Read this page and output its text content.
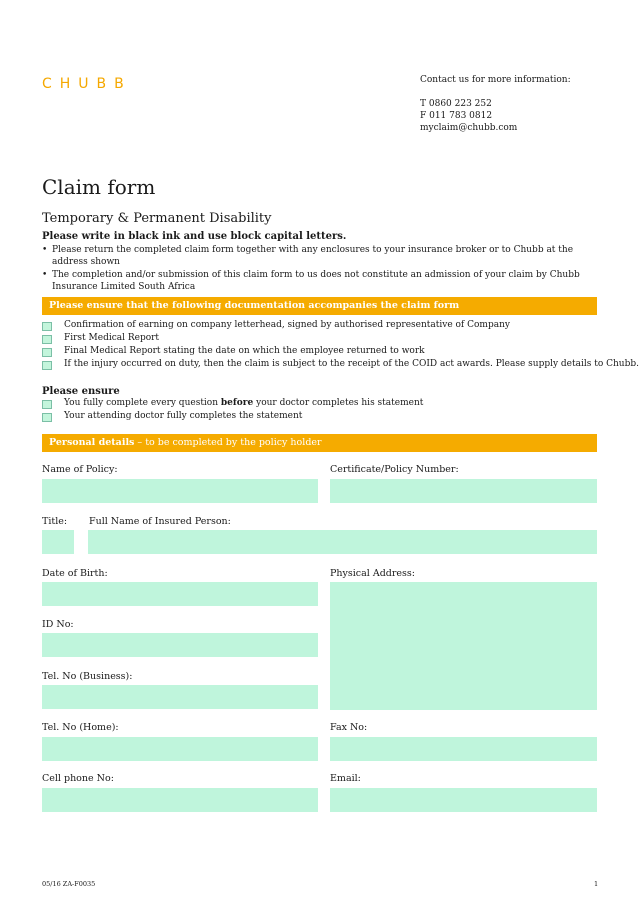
CHUBB	Contact us for more information:
T 0860 223 252
F 011 783 0812
myclaim@chubb.com
Claim form
Temporary & Permanent Disability
Please write in black ink and use block capital letters.
• Please return the completed claim form together with any enclosures to your insurance broker or to Chubb at the address shown
• The completion and/or submission of this claim form to us does not constitute an admission of your claim by Chubb Insurance Limited South Africa
Please ensure that the following documentation accompanies the claim form
Confirmation of earning on company letterhead, signed by authorised representative of Company
First Medical Report
Final Medical Report stating the date on which the employee returned to work
If the injury occurred on duty, then the claim is subject to the receipt of the COID act awards. Please supply details to Chubb.
Please ensure
You fully complete every question before your doctor completes his statement
Your attending doctor fully completes the statement
Personal details – to be completed by the policy holder
Name of Policy:	Certificate/Policy Number:
Title: Full Name of Insured Person:
Date of Birth:	Physical Address:
ID No:
Tel. No (Business):
Tel. No (Home):	Fax No:
Cell phone No:	Email:
05/16 ZA-F0035	1
